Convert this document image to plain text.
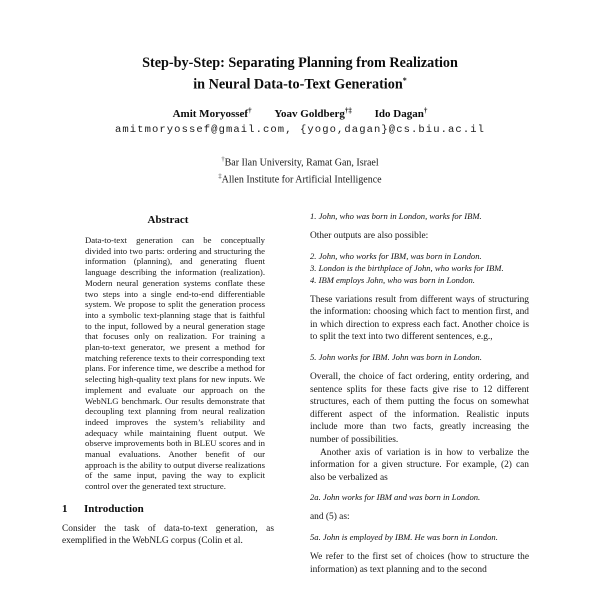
Step-by-Step: Separating Planning from Realization
in Neural Data-to-Text Generation*
Amit Moryossef† Yoav Goldberg†‡ Ido Dagan†
amitmoryossef@gmail.com, {yogo,dagan}@cs.biu.ac.il
†Bar Ilan University, Ramat Gan, Israel
‡Allen Institute for Artificial Intelligence
Abstract

Data-to-text generation can be conceptually divided into two parts: ordering and structuring the information (planning), and generating fluent language describing the information (realization). Modern neural generation systems conflate these two steps into a single end-to-end differentiable system. We propose to split the generation process into a symbolic text-planning stage that is faithful to the input, followed by a neural generation stage that focuses only on realization. For training a plan-to-text generator, we present a method for matching reference texts to their corresponding text plans. For inference time, we describe a method for selecting high-quality text plans for new inputs. We implement and evaluate our approach on the WebNLG benchmark. Our results demonstrate that decoupling text planning from neural realization indeed improves the system’s reliability and adequacy while maintaining fluent output. We observe improvements both in BLEU scores and in manual evaluations. Another benefit of our approach is the ability to output diverse realizations of the same input, paving the way to explicit control over the generated text structure.

1 Introduction

Consider the task of data-to-text generation, as exemplified in the WebNLG corpus (Colin et al.

1. John, who was born in London, works for IBM.

Other outputs are also possible:

2. John, who works for IBM, was born in London.
3. London is the birthplace of John, who works for IBM.
4. IBM employs John, who was born in London.

These variations result from different ways of structuring the information: choosing which fact to mention first, and in which direction to express each fact. Another choice is to split the text into two different sentences, e.g.,

5. John works for IBM. John was born in London.

Overall, the choice of fact ordering, entity ordering, and sentence splits for these facts give rise to 12 different structures, each of them putting the focus on somewhat different aspect of the information. Realistic inputs include more than two facts, greatly increasing the number of possibilities.

Another axis of variation is in how to verbalize the information for a given structure. For example, (2) can also be verbalized as

2a. John works for IBM and was born in London.

and (5) as:

5a. John is employed by IBM. He was born in London.

We refer to the first set of choices (how to structure the information) as text planning and to the second
